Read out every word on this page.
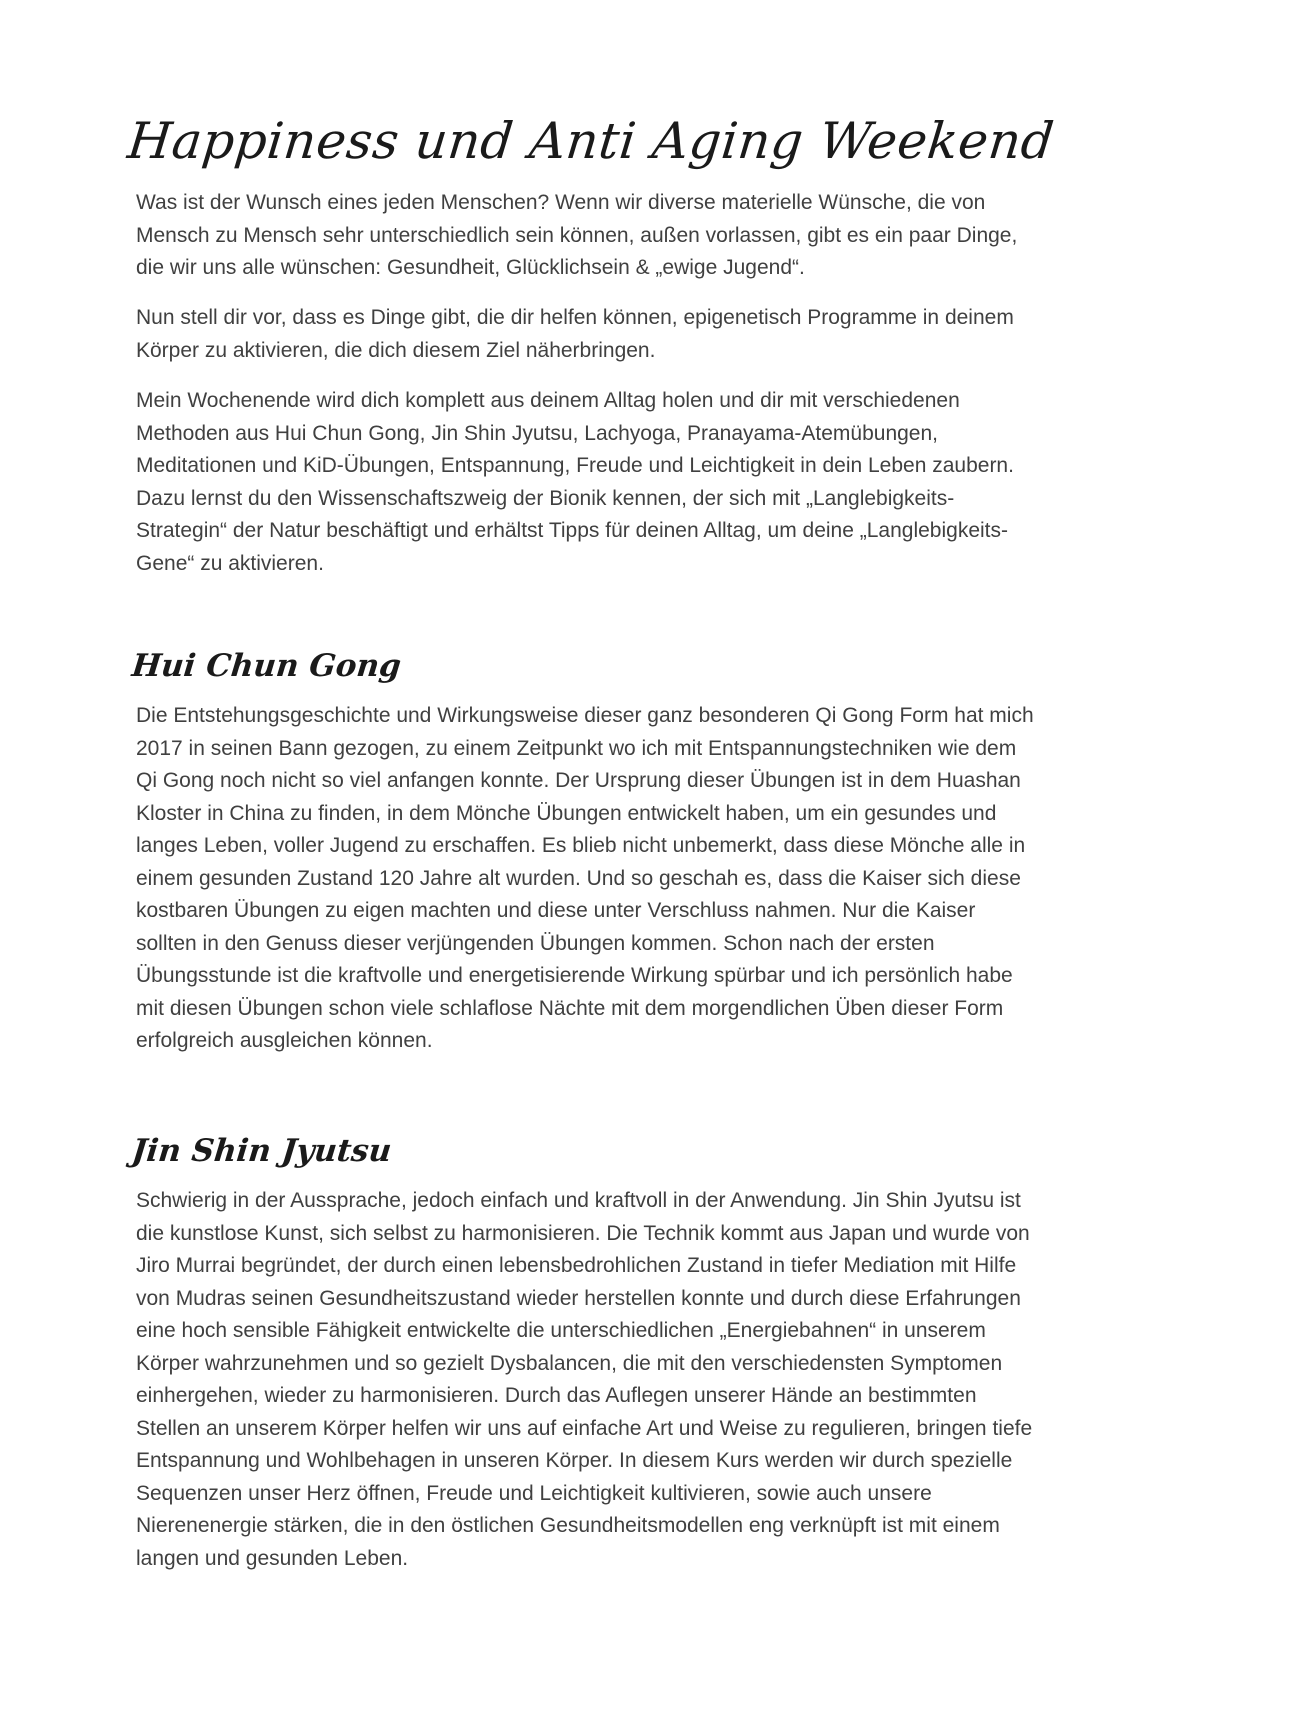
Happiness und Anti Aging Weekend

Was ist der Wunsch eines jeden Menschen? Wenn wir diverse materielle Wünsche, die von
Mensch zu Mensch sehr unterschiedlich sein können, außen vorlassen, gibt es ein paar Dinge,
die wir uns alle wünschen: Gesundheit, Glücklichsein & „ewige Jugend“.

Nun stell dir vor, dass es Dinge gibt, die dir helfen können, epigenetisch Programme in deinem
Körper zu aktivieren, die dich diesem Ziel näherbringen.

Mein Wochenende wird dich komplett aus deinem Alltag holen und dir mit verschiedenen
Methoden aus Hui Chun Gong, Jin Shin Jyutsu, Lachyoga, Pranayama-Atemübungen,
Meditationen und KiD-Übungen, Entspannung, Freude und Leichtigkeit in dein Leben zaubern.
Dazu lernst du den Wissenschaftszweig der Bionik kennen, der sich mit „Langlebigkeits-
Strategin“ der Natur beschäftigt und erhältst Tipps für deinen Alltag, um deine „Langlebigkeits-
Gene“ zu aktivieren.

Hui Chun Gong

Die Entstehungsgeschichte und Wirkungsweise dieser ganz besonderen Qi Gong Form hat mich
2017 in seinen Bann gezogen, zu einem Zeitpunkt wo ich mit Entspannungstechniken wie dem
Qi Gong noch nicht so viel anfangen konnte. Der Ursprung dieser Übungen ist in dem Huashan
Kloster in China zu finden, in dem Mönche Übungen entwickelt haben, um ein gesundes und
langes Leben, voller Jugend zu erschaffen. Es blieb nicht unbemerkt, dass diese Mönche alle in
einem gesunden Zustand 120 Jahre alt wurden. Und so geschah es, dass die Kaiser sich diese
kostbaren Übungen zu eigen machten und diese unter Verschluss nahmen. Nur die Kaiser
sollten in den Genuss dieser verjüngenden Übungen kommen. Schon nach der ersten
Übungsstunde ist die kraftvolle und energetisierende Wirkung spürbar und ich persönlich habe
mit diesen Übungen schon viele schlaflose Nächte mit dem morgendlichen Üben dieser Form
erfolgreich ausgleichen können.

Jin Shin Jyutsu

Schwierig in der Aussprache, jedoch einfach und kraftvoll in der Anwendung. Jin Shin Jyutsu ist
die kunstlose Kunst, sich selbst zu harmonisieren. Die Technik kommt aus Japan und wurde von
Jiro Murrai begründet, der durch einen lebensbedrohlichen Zustand in tiefer Mediation mit Hilfe
von Mudras seinen Gesundheitszustand wieder herstellen konnte und durch diese Erfahrungen
eine hoch sensible Fähigkeit entwickelte die unterschiedlichen „Energiebahnen“ in unserem
Körper wahrzunehmen und so gezielt Dysbalancen, die mit den verschiedensten Symptomen
einhergehen, wieder zu harmonisieren. Durch das Auflegen unserer Hände an bestimmten
Stellen an unserem Körper helfen wir uns auf einfache Art und Weise zu regulieren, bringen tiefe
Entspannung und Wohlbehagen in unseren Körper. In diesem Kurs werden wir durch spezielle
Sequenzen unser Herz öffnen, Freude und Leichtigkeit kultivieren, sowie auch unsere
Nierenenergie stärken, die in den östlichen Gesundheitsmodellen eng verknüpft ist mit einem
langen und gesunden Leben.
